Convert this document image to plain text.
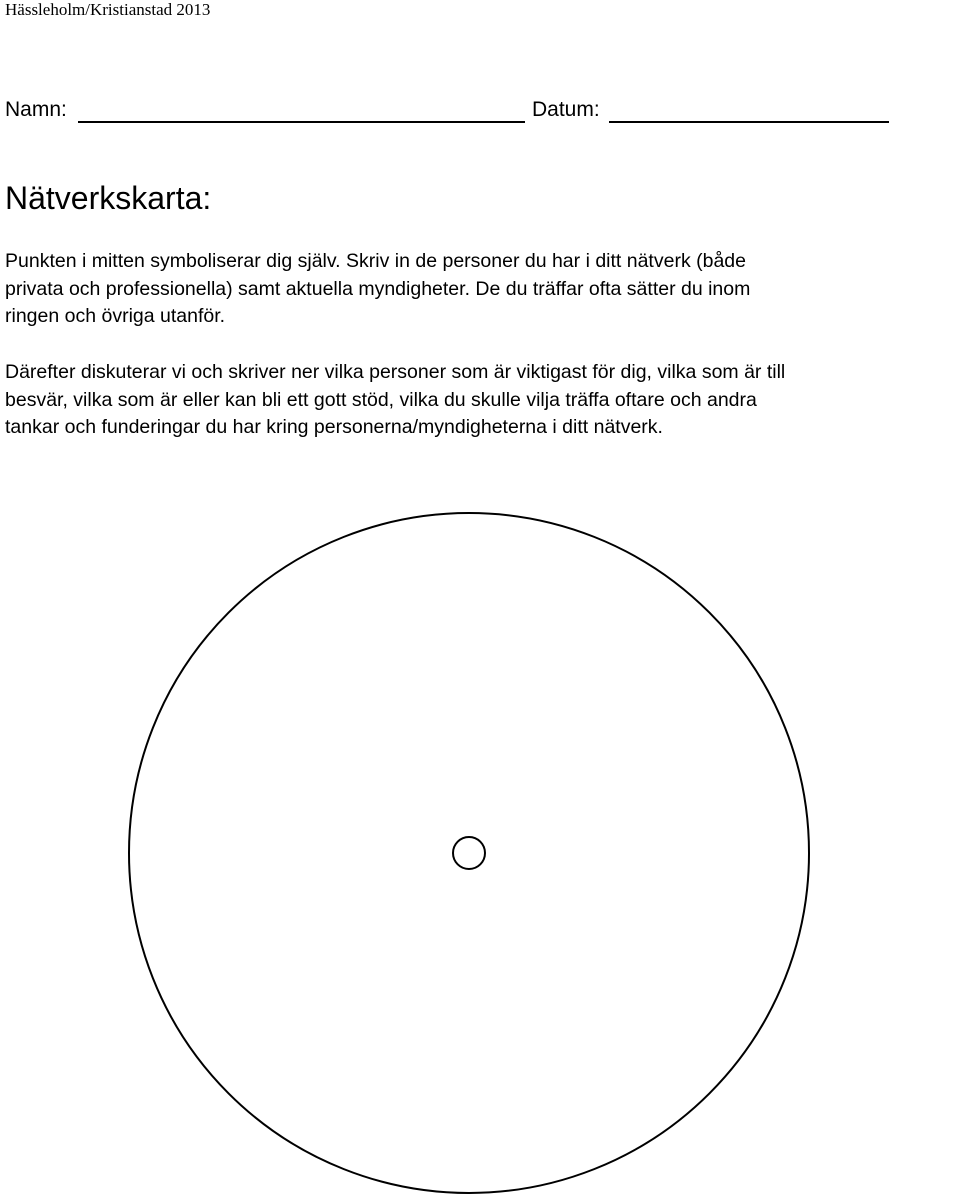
Hässleholm/Kristianstad 2013
Namn:	Datum:
Nätverkskarta:

Punkten i mitten symboliserar dig själv. Skriv in de personer du har i ditt nätverk (både
privata och professionella) samt aktuella myndigheter. De du träffar ofta sätter du inom
ringen och övriga utanför.

Därefter diskuterar vi och skriver ner vilka personer som är viktigast för dig, vilka som är till
besvär, vilka som är eller kan bli ett gott stöd, vilka du skulle vilja träffa oftare och andra
tankar och funderingar du har kring personerna/myndigheterna i ditt nätverk.
